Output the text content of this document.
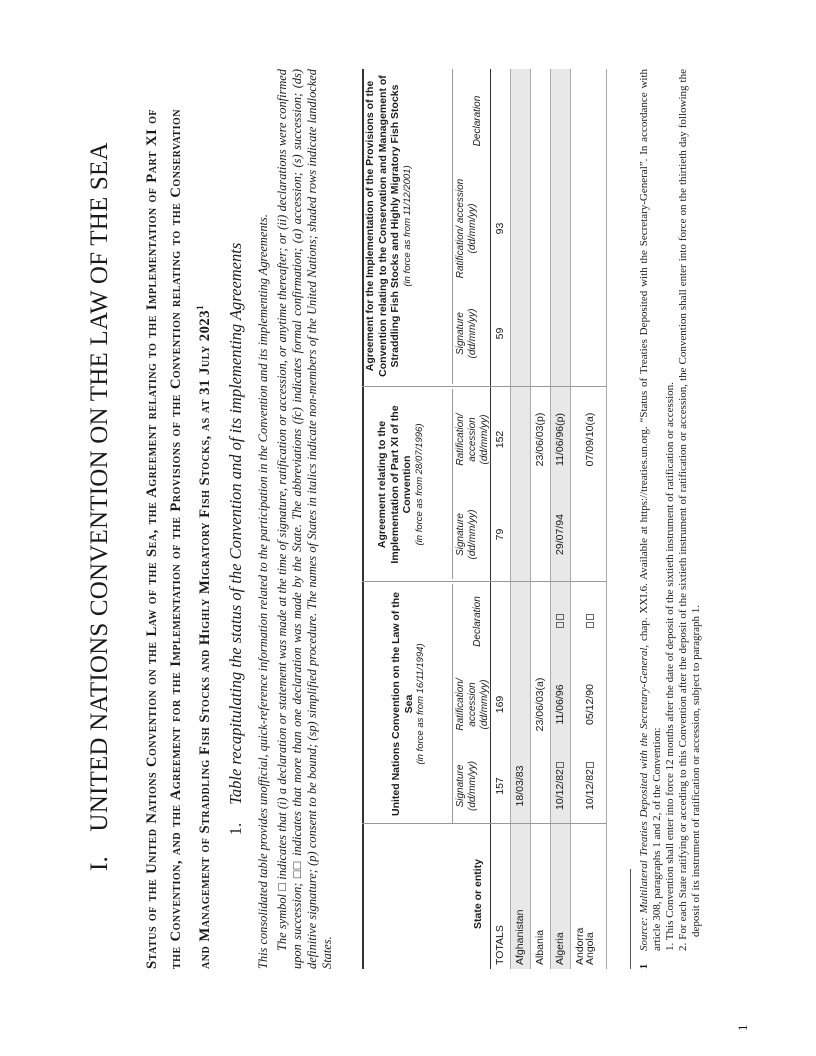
I. UNITED NATIONS CONVENTION ON THE LAW OF THE SEA Status of the United Nations Convention on the Law of the Sea, the Agreement relating to the Implementation of Part XI of the Convention, and the Agreement for the Implementation of the Provisions of the Convention relating to the Conservation and Management of Straddling Fish Stocks and Highly Migratory Fish Stocks, as at 31 July 2023$^1$
1. Table recapitulating the status of the Convention and of its implementing Agreements This consolidated table provides unofficial, quick-reference information related to the participation in the Convention and its implementing Agreements. The symbol □ indicates that (i) a declaration or statement was made at the time of signature, ratification or accession, or anytime thereafter; or (ii) declarations were confirmed upon succession; □□ indicates that more than one declaration was made by the State. The abbreviations (fc) indicates formal confirmation; (a) accession; (s) succession; (ds) definitive signature; (p) consent to be bound; (sp) simplified procedure. The names of States in italics indicate non-members of the United Nations; shaded rows indicate landlocked States.

State or entity
United Nations Convention on the Law of the Sea (in force as from 16/11/1994)
Agreement relating to the Implementation of Part XI of the Convention (in force as from 28/07/1996)
Agreement for the Implementation of the Provisions of the Convention relating to the Conservation and Management of Straddling Fish Stocks and Highly Migratory Fish Stocks (in force as from 11/12/2001)
Signature (dd/mm/yy)
Ratification/ accession (dd/mm/yy)
Declaration
Signature (dd/mm/yy)
Ratification/ accession (dd/mm/yy)
Signature (dd/mm/yy)
Ratification/ accession (dd/mm/yy)
Declaration
TOTALS
157
169
79
152
59
93
Afghanistan
18/03/83
Albania
23/06/03(a)
23/06/03(p)
Algeria
10/12/82
11/06/96
29/07/94
11/06/96(p)
Andorra
Angola
10/12/82
05/12/90
07/09/10(a)
1

Source: Multilateral Treaties Deposited with the Secretary-General, chap. XXI.6. Available at https://treaties.un.org. “Status of Treaties Deposited with the Secretary-General”. In accordance with article 308, paragraphs 1 and 2, of the Convention: 1. This Convention shall enter into force 12 months after the date of deposit of the sixtieth instrument of ratification or accession. 2. For each State ratifying or acceding to this Convention after the deposit of the sixtieth instrument of ratification or accession, the Convention shall enter into force on the thirtieth day following the deposit of its instrument of ratification or accession, subject to paragraph 1.

1
